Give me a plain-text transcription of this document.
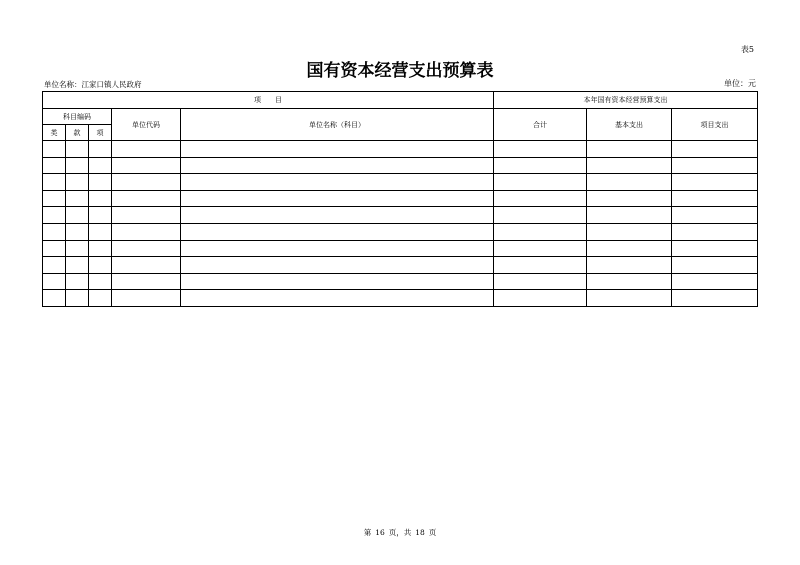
表5
国有资本经营支出预算表
单位名称：江家口镇人民政府	单位：元
项　　目					本年国有资本经营预算支出		
科目编码			单位代码	单位名称（科目）	合计	基本支出	项目支出
类	款	项					

第 16 页，共 18 页
